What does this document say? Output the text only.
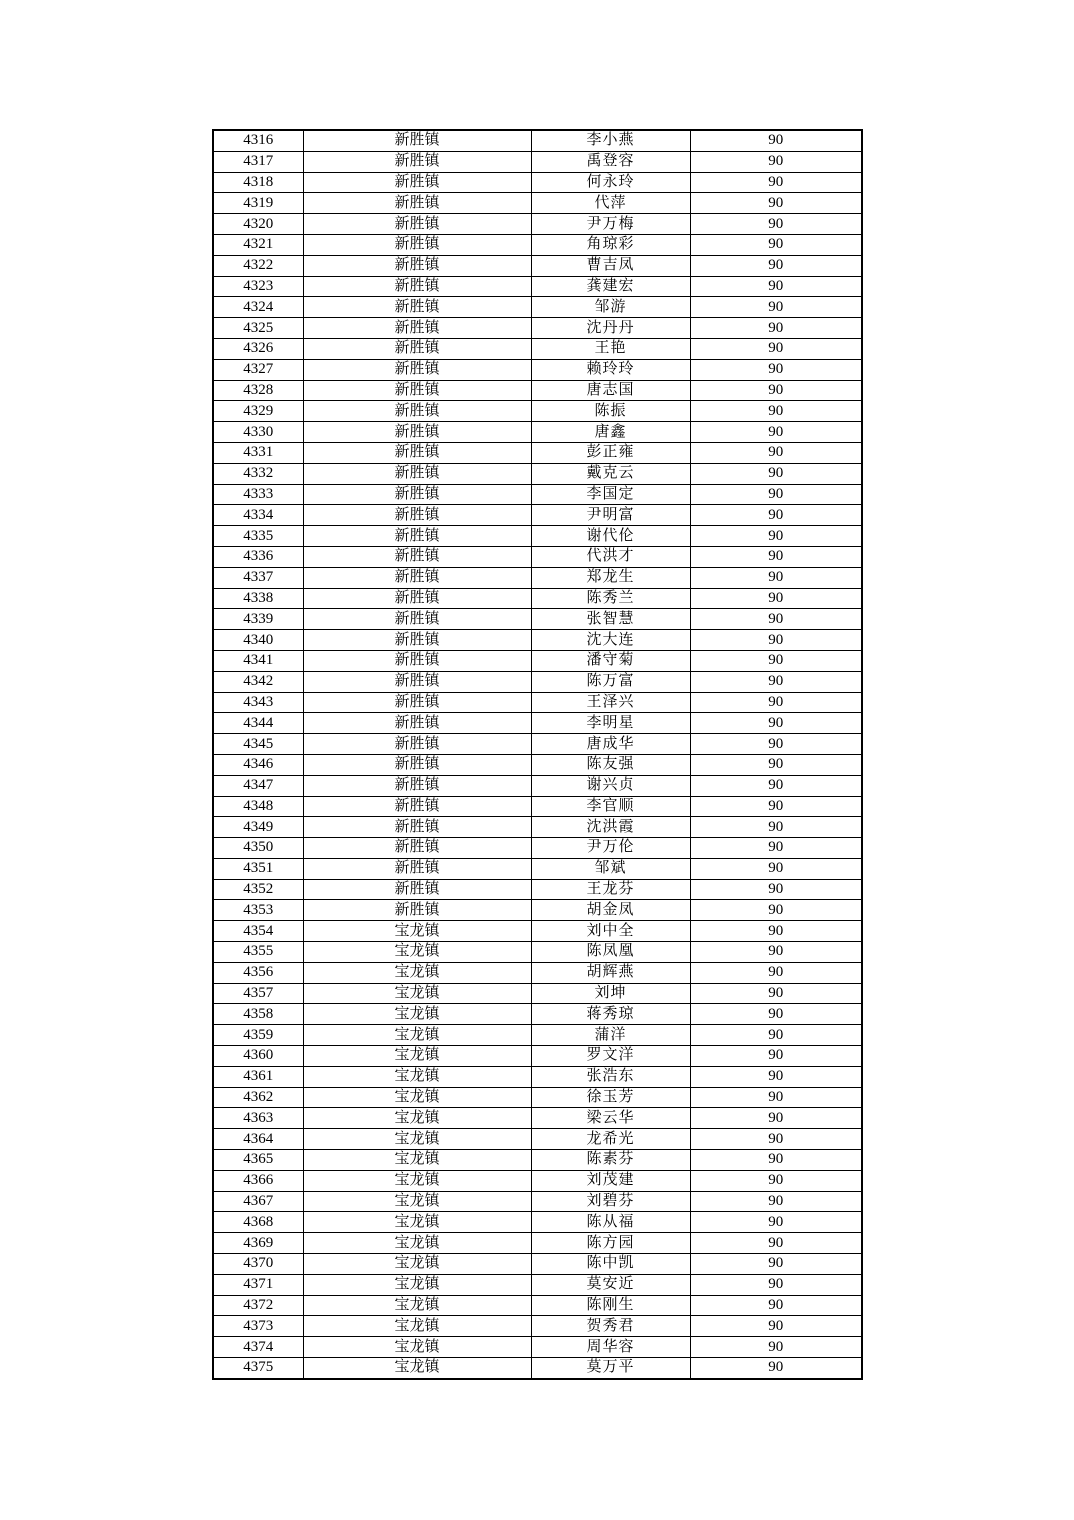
4316	新胜镇	李小燕	90
4317	新胜镇	禹登容	90
4318	新胜镇	何永玲	90
4319	新胜镇	代萍	90
4320	新胜镇	尹万梅	90
4321	新胜镇	角琼彩	90
4322	新胜镇	曹吉凤	90
4323	新胜镇	龚建宏	90
4324	新胜镇	邹游	90
4325	新胜镇	沈丹丹	90
4326	新胜镇	王艳	90
4327	新胜镇	赖玲玲	90
4328	新胜镇	唐志国	90
4329	新胜镇	陈振	90
4330	新胜镇	唐鑫	90
4331	新胜镇	彭正雍	90
4332	新胜镇	戴克云	90
4333	新胜镇	李国定	90
4334	新胜镇	尹明富	90
4335	新胜镇	谢代伦	90
4336	新胜镇	代洪才	90
4337	新胜镇	郑龙生	90
4338	新胜镇	陈秀兰	90
4339	新胜镇	张智慧	90
4340	新胜镇	沈大连	90
4341	新胜镇	潘守菊	90
4342	新胜镇	陈万富	90
4343	新胜镇	王泽兴	90
4344	新胜镇	李明星	90
4345	新胜镇	唐成华	90
4346	新胜镇	陈友强	90
4347	新胜镇	谢兴贞	90
4348	新胜镇	李官顺	90
4349	新胜镇	沈洪霞	90
4350	新胜镇	尹万伦	90
4351	新胜镇	邹斌	90
4352	新胜镇	王龙芬	90
4353	新胜镇	胡金凤	90
4354	宝龙镇	刘中全	90
4355	宝龙镇	陈凤凰	90
4356	宝龙镇	胡辉燕	90
4357	宝龙镇	刘坤	90
4358	宝龙镇	蒋秀琼	90
4359	宝龙镇	蒲洋	90
4360	宝龙镇	罗文洋	90
4361	宝龙镇	张浩东	90
4362	宝龙镇	徐玉芳	90
4363	宝龙镇	梁云华	90
4364	宝龙镇	龙希光	90
4365	宝龙镇	陈素芬	90
4366	宝龙镇	刘茂建	90
4367	宝龙镇	刘碧芬	90
4368	宝龙镇	陈从福	90
4369	宝龙镇	陈方园	90
4370	宝龙镇	陈中凯	90
4371	宝龙镇	莫安近	90
4372	宝龙镇	陈刚生	90
4373	宝龙镇	贺秀君	90
4374	宝龙镇	周华容	90
4375	宝龙镇	莫万平	90
